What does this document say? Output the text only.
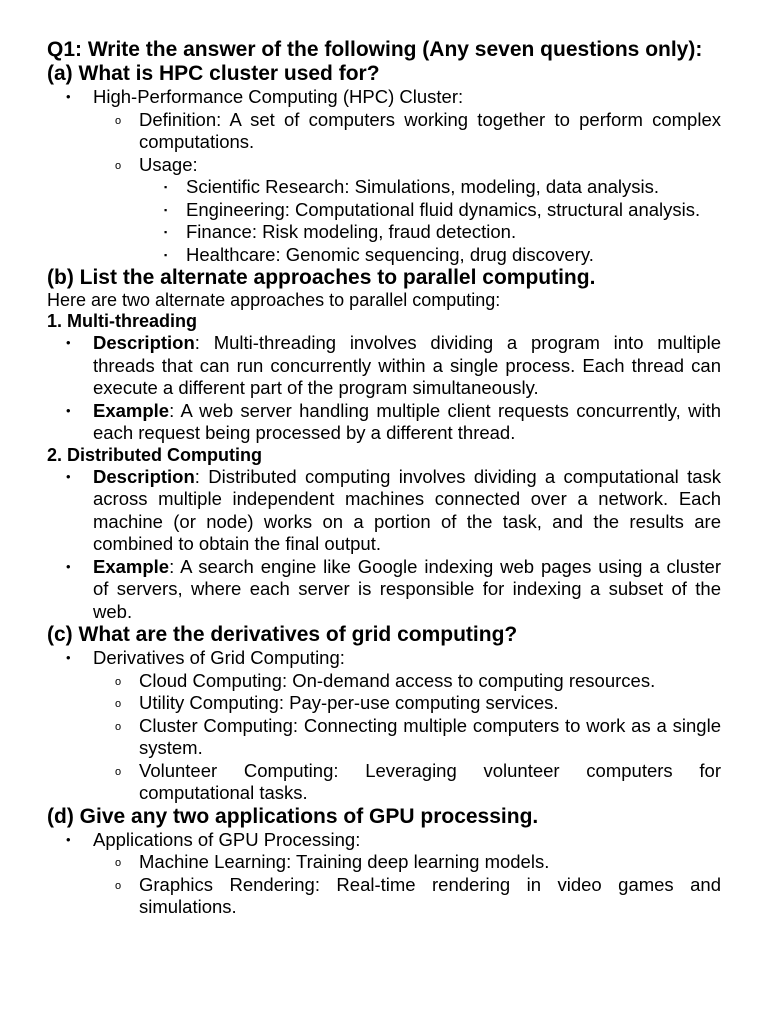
Q1: Write the answer of the following (Any seven questions only):

(a) What is HPC cluster used for?

• High-Performance Computing (HPC) Cluster:
o Definition: A set of computers working together to perform complex computations.
o Usage:
▪ Scientific Research: Simulations, modeling, data analysis.
▪ Engineering: Computational fluid dynamics, structural analysis.
▪ Finance: Risk modeling, fraud detection.
▪ Healthcare: Genomic sequencing, drug discovery.

(b) List the alternate approaches to parallel computing.

Here are two alternate approaches to parallel computing:

1. Multi-threading

• Description: Multi-threading involves dividing a program into multiple threads that can run concurrently within a single process. Each thread can execute a different part of the program simultaneously.
• Example: A web server handling multiple client requests concurrently, with each request being processed by a different thread.

2. Distributed Computing

• Description: Distributed computing involves dividing a computational task across multiple independent machines connected over a network. Each machine (or node) works on a portion of the task, and the results are combined to obtain the final output.
• Example: A search engine like Google indexing web pages using a cluster of servers, where each server is responsible for indexing a subset of the web.

(c) What are the derivatives of grid computing?

• Derivatives of Grid Computing:
o Cloud Computing: On-demand access to computing resources.
o Utility Computing: Pay-per-use computing services.
o Cluster Computing: Connecting multiple computers to work as a single system.
o Volunteer Computing: Leveraging volunteer computers for computational tasks.

(d) Give any two applications of GPU processing.

• Applications of GPU Processing:
o Machine Learning: Training deep learning models.
o Graphics Rendering: Real-time rendering in video games and simulations.
